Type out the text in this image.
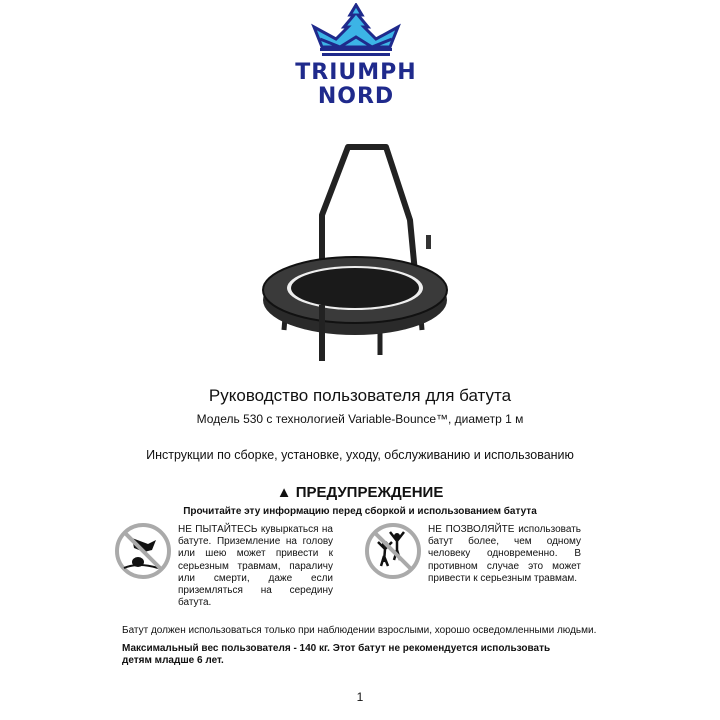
TRIUMPH
NORD
Руководство пользователя для батута
Модель 530 с технологией Variable-Bounce™, диаметр 1 м
Инструкции по сборке, установке, уходу, обслуживанию и использованию
▲ ПРЕДУПРЕЖДЕНИЕ
Прочитайте эту информацию перед сборкой и использованием батута
НЕ ПЫТАЙТЕСЬ кувыркаться на батуте. Приземление на голову или шею может привести к серьезным травмам, параличу или смерти, даже если приземляться на середину батута.
НЕ ПОЗВОЛЯЙТЕ использовать батут более, чем одному человеку одновременно. В противном случае это может привести к серьезным травмам.
Батут должен использоваться только при наблюдении взрослыми, хорошо осведомленными людьми.
Максимальный вес пользователя - 140 кг. Этот батут не рекомендуется использовать детям младше 6 лет.
1
